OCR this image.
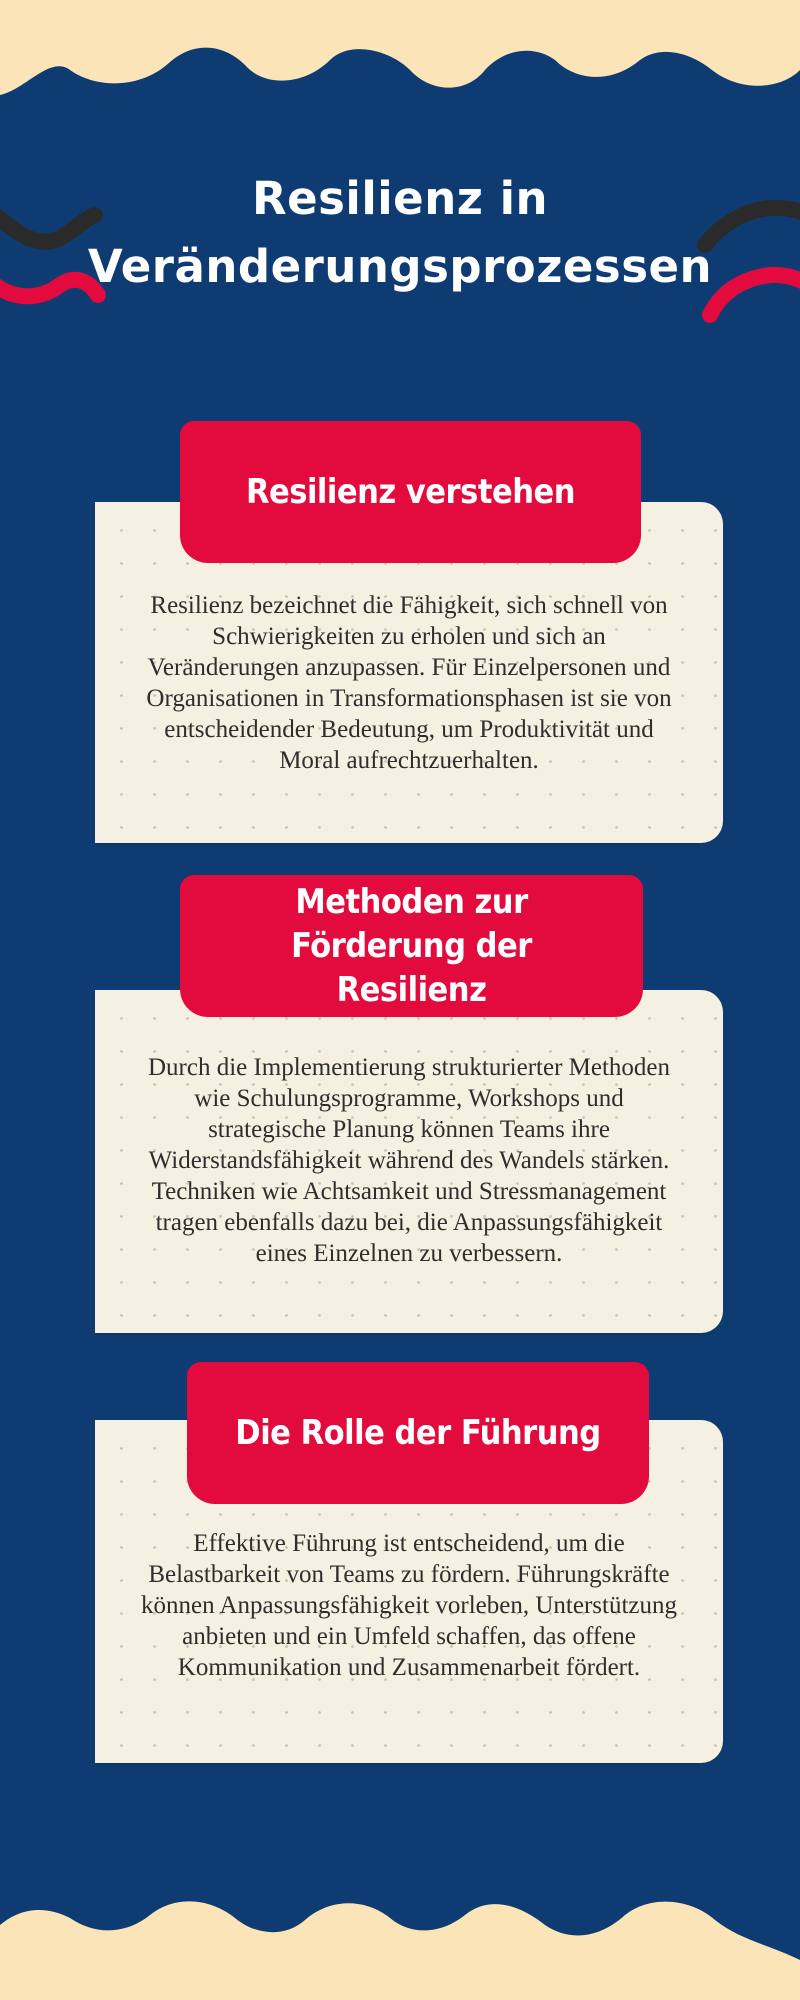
Resilienz in Veränderungsprozessen

Resilienz bezeichnet die Fähigkeit, sich schnell von Schwierigkeiten zu erholen und sich an Veränderungen anzupassen. Für Einzelpersonen und Organisationen in Transformationsphasen ist sie von entscheidender Bedeutung, um Produktivität und Moral aufrechtzuerhalten.

Resilienz verstehen

Durch die Implementierung strukturierter Methoden wie Schulungsprogramme, Workshops und strategische Planung können Teams ihre Widerstandsfähigkeit während des Wandels stärken. Techniken wie Achtsamkeit und Stressmanagement tragen ebenfalls dazu bei, die Anpassungsfähigkeit eines Einzelnen zu verbessern.

Methoden zur Förderung der Resilienz

Effektive Führung ist entscheidend, um die Belastbarkeit von Teams zu fördern. Führungskräfte können Anpassungsfähigkeit vorleben, Unterstützung anbieten und ein Umfeld schaffen, das offene Kommunikation und Zusammenarbeit fördert.

Die Rolle der Führung
